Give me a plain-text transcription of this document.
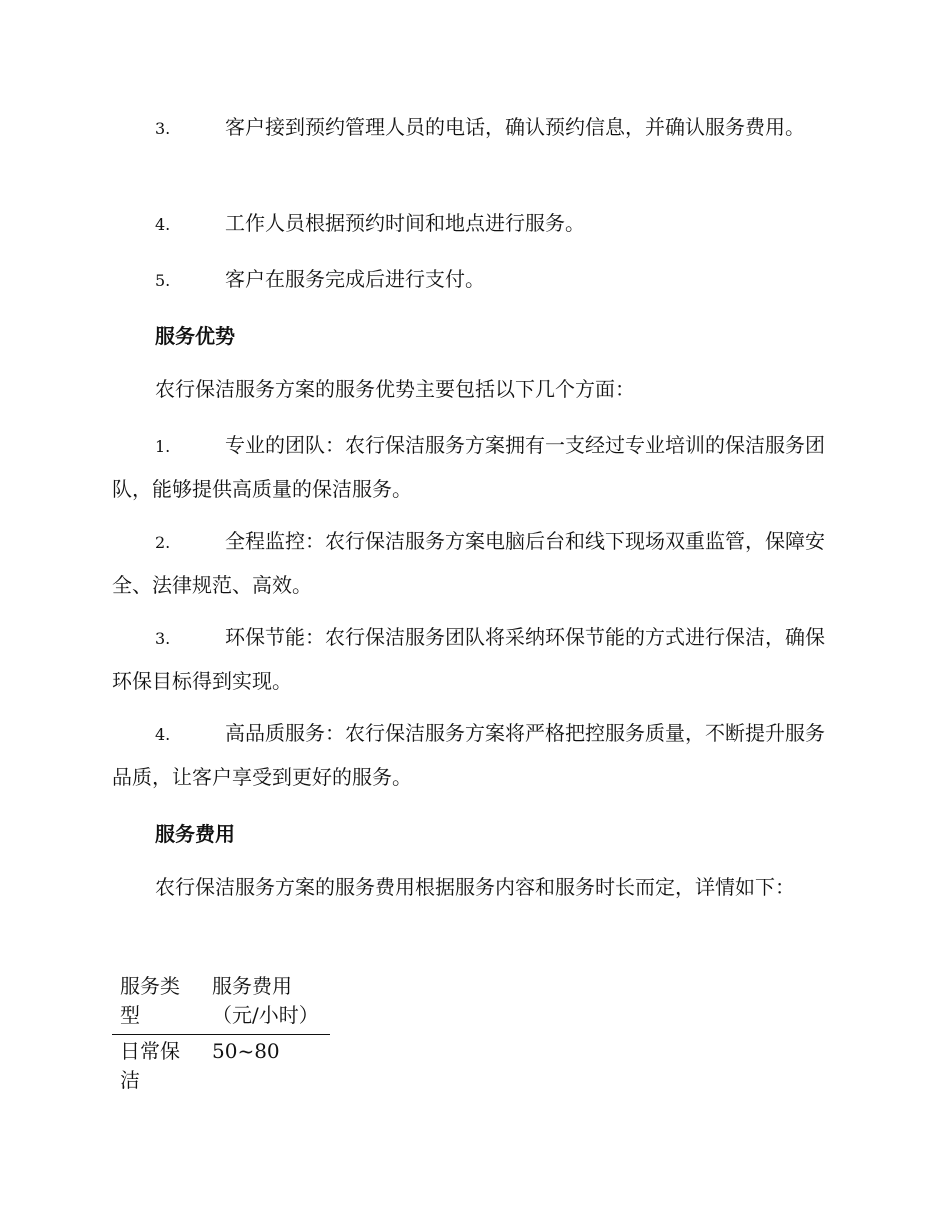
3.	客户接到预约管理人员的电话，确认预约信息，并确认服务费用。

4.	工作人员根据预约时间和地点进行服务。

5.	客户在服务完成后进行支付。

服务优势

农行保洁服务方案的服务优势主要包括以下几个方面：

1.	专业的团队：农行保洁服务方案拥有一支经过专业培训的保洁服务团队，能够提供高质量的保洁服务。

2.	全程监控：农行保洁服务方案电脑后台和线下现场双重监管，保障安全、法律规范、高效。

3.	环保节能：农行保洁服务团队将采纳环保节能的方式进行保洁，确保环保目标得到实现。

4.	高品质服务：农行保洁服务方案将严格把控服务质量，不断提升服务品质，让客户享受到更好的服务。

服务费用

农行保洁服务方案的服务费用根据服务内容和服务时长而定，详情如下：

服务类型	服务费用
（元/小时）

日常保洁	50~80
